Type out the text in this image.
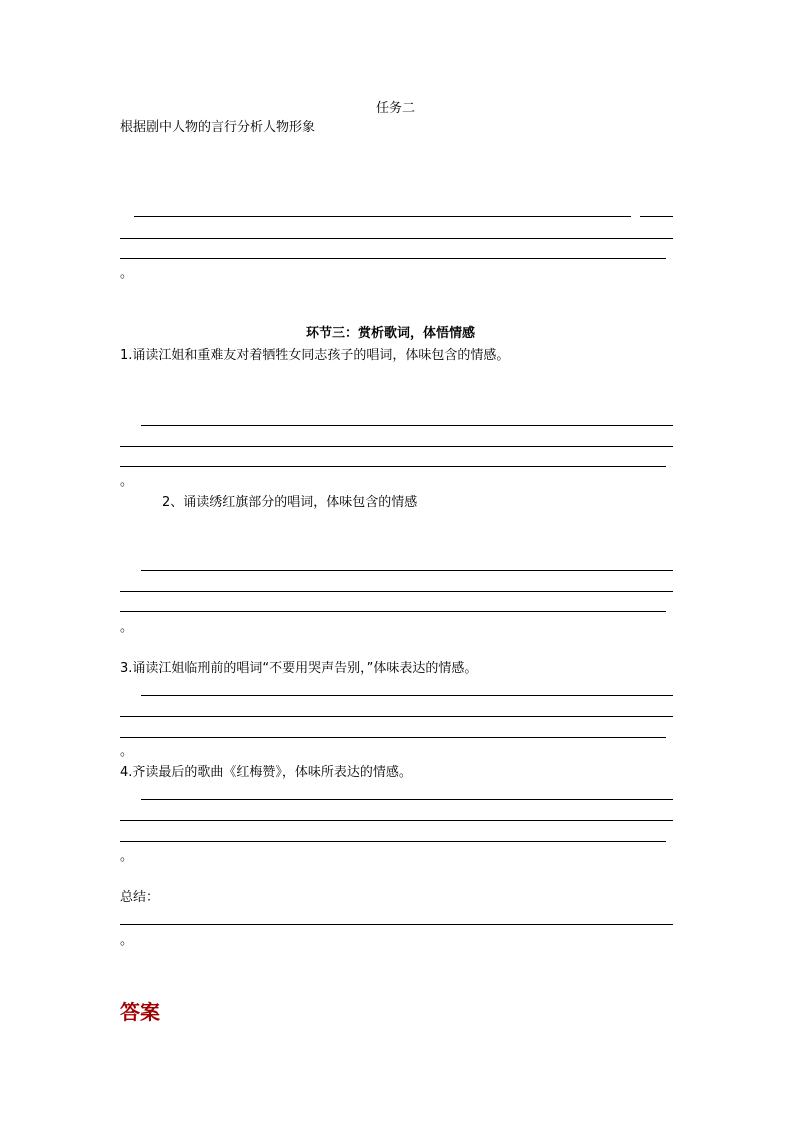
任务二
根据剧中人物的言行分析人物形象
。
环节三：赏析歌词，体悟情感
1.诵读江姐和重难友对着牺牲女同志孩子的唱词，体味包含的情感。
。
2、诵读绣红旗部分的唱词，体味包含的情感
。
3.诵读江姐临刑前的唱词“不要用哭声告别，”体味表达的情感。
。
4.齐读最后的歌曲《红梅赞》，体味所表达的情感。
。
总结：
。
答案
